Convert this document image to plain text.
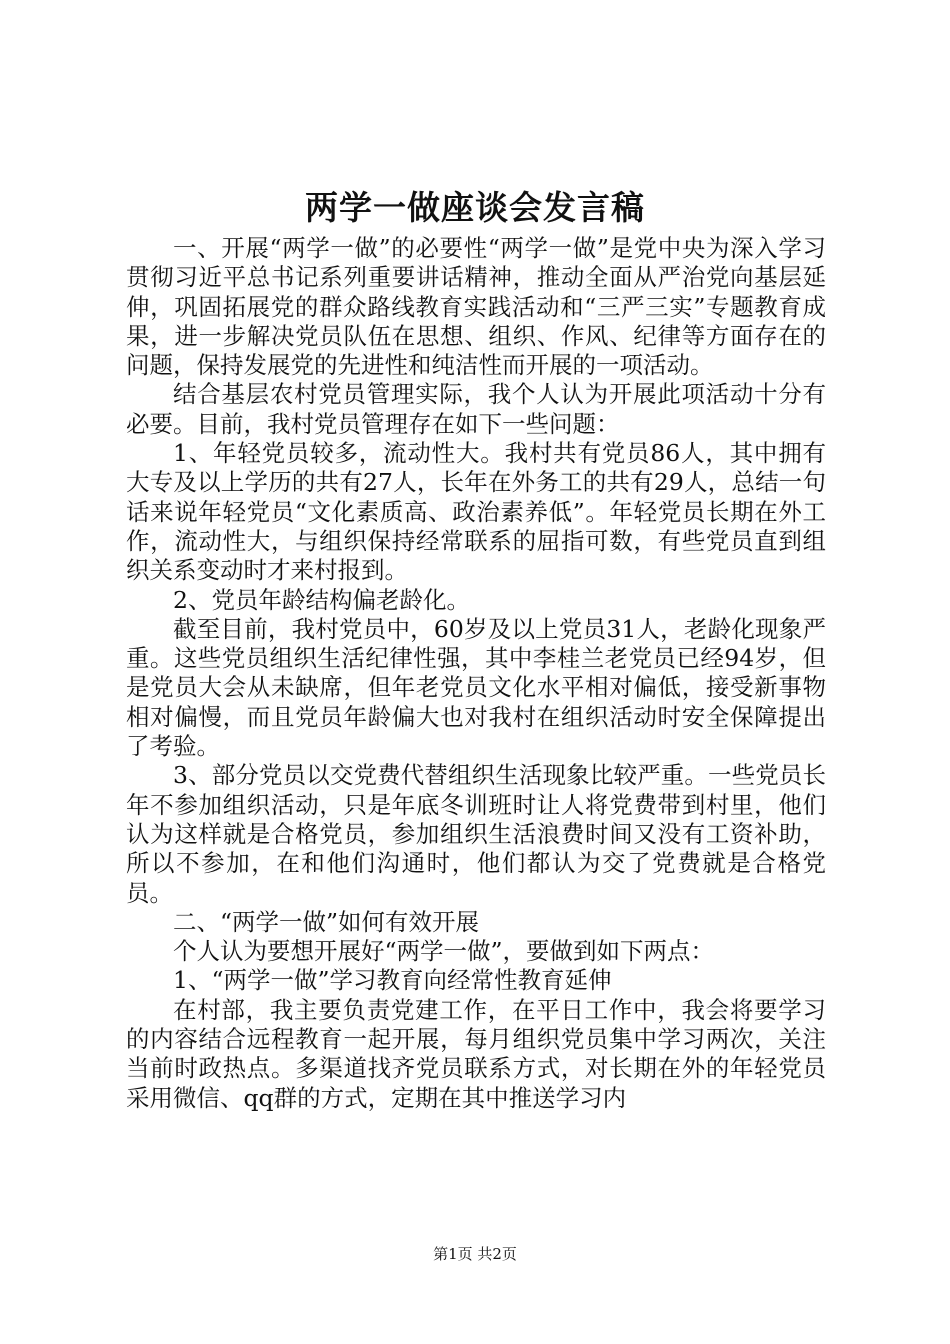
两学一做座谈会发言稿

一、开展“两学一做”的必要性“两学一做”是党中央为深入学习贯彻习近平总书记系列重要讲话精神，推动全面从严治党向基层延伸，巩固拓展党的群众路线教育实践活动和“三严三实”专题教育成果，进一步解决党员队伍在思想、组织、作风、纪律等方面存在的问题，保持发展党的先进性和纯洁性而开展的一项活动。

结合基层农村党员管理实际，我个人认为开展此项活动十分有必要。目前，我村党员管理存在如下一些问题：

1、年轻党员较多，流动性大。我村共有党员86人，其中拥有大专及以上学历的共有27人，长年在外务工的共有29人，总结一句话来说年轻党员“文化素质高、政治素养低”。年轻党员长期在外工作，流动性大，与组织保持经常联系的屈指可数，有些党员直到组织关系变动时才来村报到。

2、党员年龄结构偏老龄化。

截至目前，我村党员中，60岁及以上党员31人，老龄化现象严重。这些党员组织生活纪律性强，其中李桂兰老党员已经94岁，但是党员大会从未缺席，但年老党员文化水平相对偏低，接受新事物相对偏慢，而且党员年龄偏大也对我村在组织活动时安全保障提出了考验。

3、部分党员以交党费代替组织生活现象比较严重。一些党员长年不参加组织活动，只是年底冬训班时让人将党费带到村里，他们认为这样就是合格党员，参加组织生活浪费时间又没有工资补助，所以不参加，在和他们沟通时，他们都认为交了党费就是合格党员。

二、“两学一做”如何有效开展

个人认为要想开展好“两学一做”，要做到如下两点：

1、“两学一做”学习教育向经常性教育延伸

在村部，我主要负责党建工作，在平日工作中，我会将要学习的内容结合远程教育一起开展，每月组织党员集中学习两次，关注当前时政热点。多渠道找齐党员联系方式，对长期在外的年轻党员采用微信、qq群的方式，定期在其中推送学习内

第1页 共2页
